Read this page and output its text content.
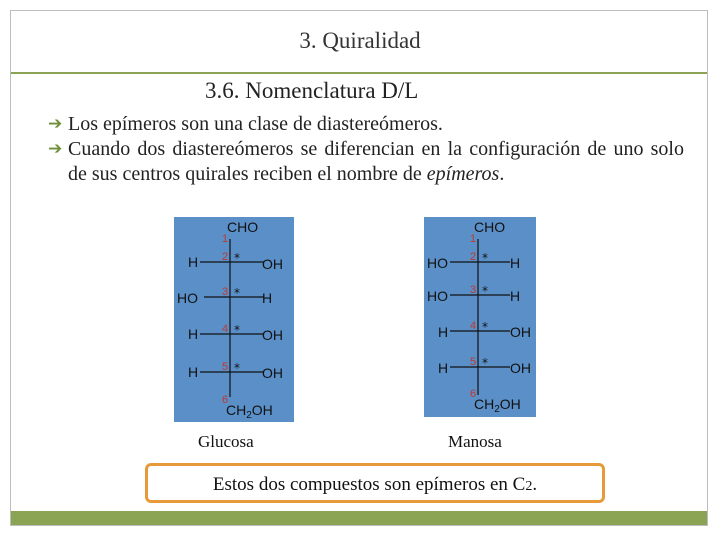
3. Quiralidad
3.6. Nomenclatura D/L
➔ Los epímeros son una clase de diastereómeros.
➔ Cuando dos diastereómeros se diferencian en la configuración de uno solo de sus centros quirales reciben el nombre de epímeros.
CHO
H	OH
HO	H
H	OH
H	OH
$CH_2OH$
1
2
3
4
5
6
*
*
*
*
Glucosa
CHO
HO	H
HO	H
H	OH
H	OH
$CH_2OH$
1
2
3
4
5
6
*
*
*
*
Manosa
Estos dos compuestos son epímeros en C2.
